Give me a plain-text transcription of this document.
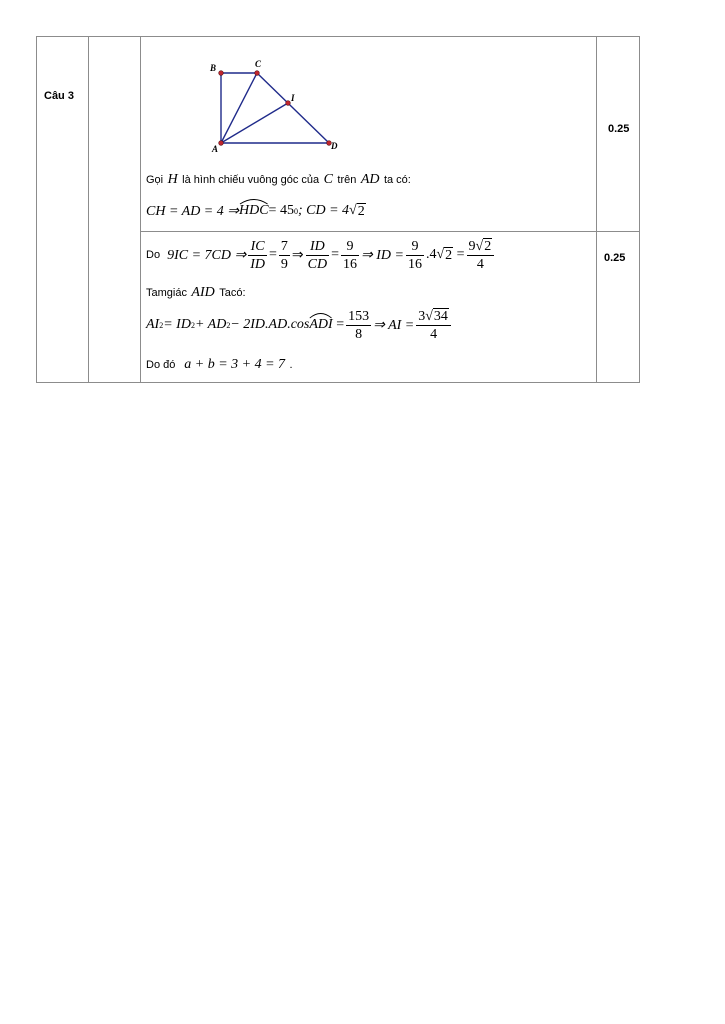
Câu 3
0.25
0.25
B	C
I
A	D
Gọi
H
là hình chiếu vuông góc của
C
trên
AD
ta có:
CH = AD = 4 ⇒ HDC = 45 0 ; CD = 4 √ 2
Do
9IC = 7CD ⇒ $\frac{IC}{ID} = \frac{7}{9}$ ⇒ $\frac{ID}{CD} = \frac{9}{16}$ ⇒ ID = $\frac{9}{16} .4$ √ $2 = \frac{9√2}{4}$
Tamgiác
AID
Tacó:
AI 2 = ID 2 + AD 2 − 2ID.AD.cos ADI = $\frac{153}{8}$ ⇒ AI = $\frac{3√34}{4}$
Do đó
a + b = 3 + 4 = 7
.
